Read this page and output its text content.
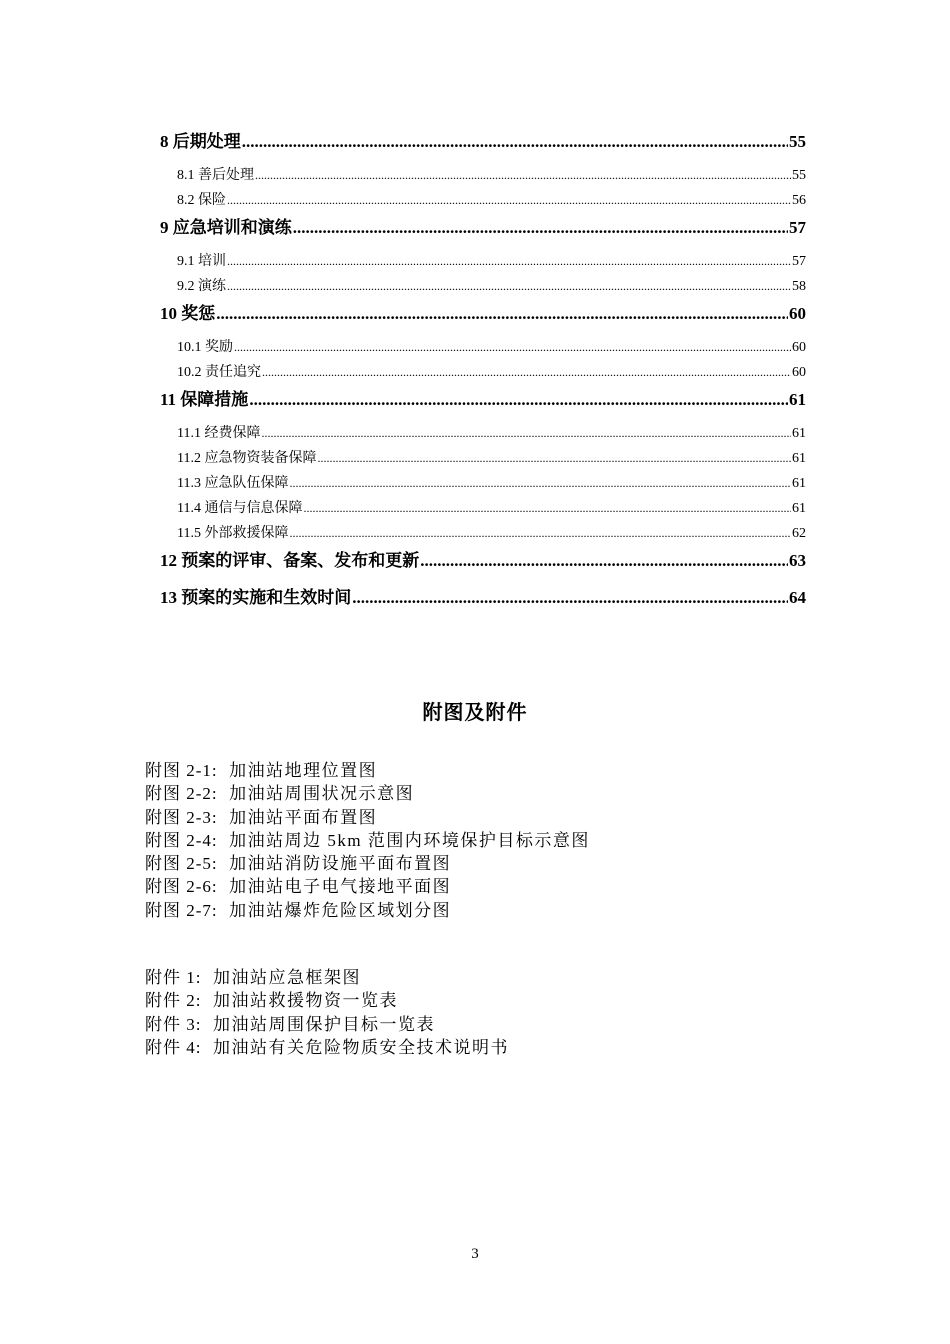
8 后期处理 .....	55
8.1 善后处理 .....	55
8.2 保险 .....	56
9 应急培训和演练 .....	57
9.1 培训 .....	57
9.2 演练 .....	58
10 奖惩 .....	60
10.1 奖励 .....	60
10.2 责任追究 .....	60
11 保障措施 .....	61
11.1 经费保障 .....	61
11.2 应急物资装备保障 .....	61
11.3 应急队伍保障 .....	61
11.4 通信与信息保障 .....	61
11.5 外部救援保障 .....	62
12 预案的评审、备案、发布和更新 .....	63
13 预案的实施和生效时间 .....	64
附图及附件
附图 2-1: 加油站地理位置图
附图 2-2: 加油站周围状况示意图
附图 2-3: 加油站平面布置图
附图 2-4: 加油站周边 5km 范围内环境保护目标示意图
附图 2-5: 加油站消防设施平面布置图
附图 2-6: 加油站电子电气接地平面图
附图 2-7: 加油站爆炸危险区域划分图
附件 1: 加油站应急框架图
附件 2: 加油站救援物资一览表
附件 3: 加油站周围保护目标一览表
附件 4: 加油站有关危险物质安全技术说明书
3
